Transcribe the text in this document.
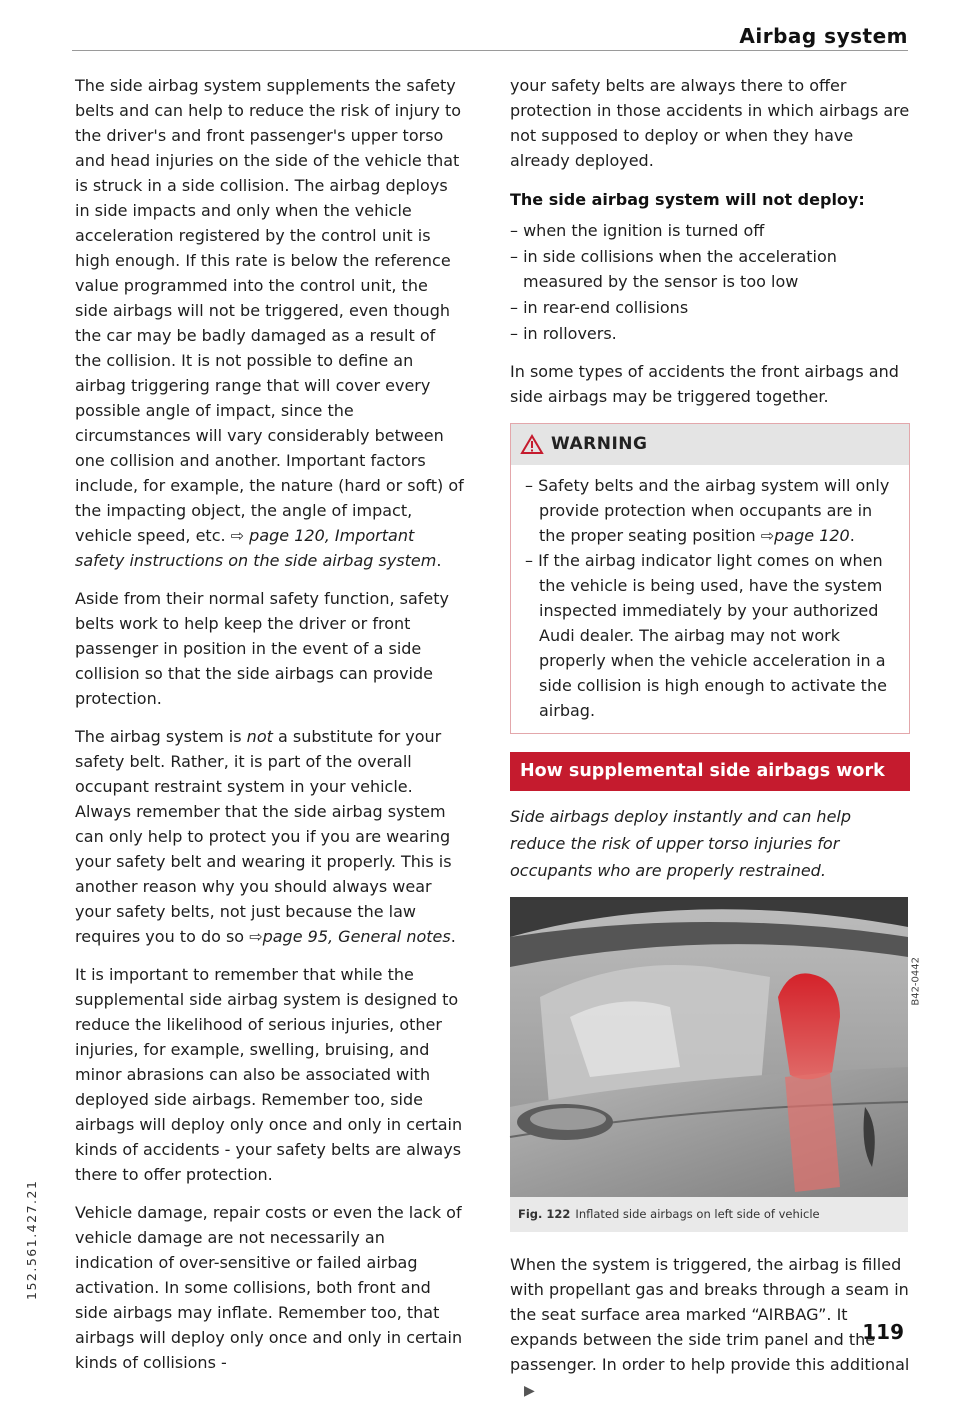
Airbag system
152.561.427.21

The side airbag system supplements the safety belts and can help to reduce the risk of injury to the driver's and front passenger's upper torso and head injuries on the side of the vehicle that is struck in a side collision. The airbag deploys in side impacts and only when the vehicle acceleration registered by the control unit is high enough. If this rate is below the reference value programmed into the control unit, the side airbags will not be triggered, even though the car may be badly damaged as a result of the collision. It is not possible to define an airbag triggering range that will cover every possible angle of impact, since the circumstances will vary considerably between one collision and another. Important factors include, for example, the nature (hard or soft) of the impacting object, the angle of impact, vehicle speed, etc. ⇨ page 120, Important safety instructions on the side airbag system.

Aside from their normal safety function, safety belts work to help keep the driver or front passenger in position in the event of a side collision so that the side airbags can provide protection.

The airbag system is not a substitute for your safety belt. Rather, it is part of the overall occupant restraint system in your vehicle. Always remember that the side airbag system can only help to protect you if you are wearing your safety belt and wearing it properly. This is another reason why you should always wear your safety belts, not just because the law requires you to do so ⇨page 95, General notes.

It is important to remember that while the supplemental side airbag system is designed to reduce the likelihood of serious injuries, other injuries, for example, swelling, bruising, and minor abrasions can also be associated with deployed side airbags. Remember too, side airbags will deploy only once and only in certain kinds of accidents - your safety belts are always there to offer protection.

Vehicle damage, repair costs or even the lack of vehicle damage are not necessarily an indication of over-sensitive or failed airbag activation. In some collisions, both front and side airbags may inflate. Remember too, that airbags will deploy only once and only in certain kinds of collisions -

your safety belts are always there to offer protection in those accidents in which airbags are not supposed to deploy or when they have already deployed.

The side airbag system will not deploy:
– when the ignition is turned off
– in side collisions when the acceleration measured by the sensor is too low
– in rear-end collisions
– in rollovers.

In some types of accidents the front airbags and side airbags may be triggered together.

WARNING
– Safety belts and the airbag system will only provide protection when occupants are in the proper seating position ⇨page 120.
– If the airbag indicator light comes on when the vehicle is being used, have the system inspected immediately by your authorized Audi dealer. The airbag may not work properly when the vehicle acceleration in a side collision is high enough to activate the airbag.
How supplemental side airbags work

Side airbags deploy instantly and can help reduce the risk of upper torso injuries for occupants who are properly restrained.

B42-0442
Fig. 122 Inflated side airbags on left side of vehicle

When the system is triggered, the airbag is filled with propellant gas and breaks through a seam in the seat surface area marked “AIRBAG”. It expands between the side trim panel and the passenger. In order to help provide this additional ▶

119
